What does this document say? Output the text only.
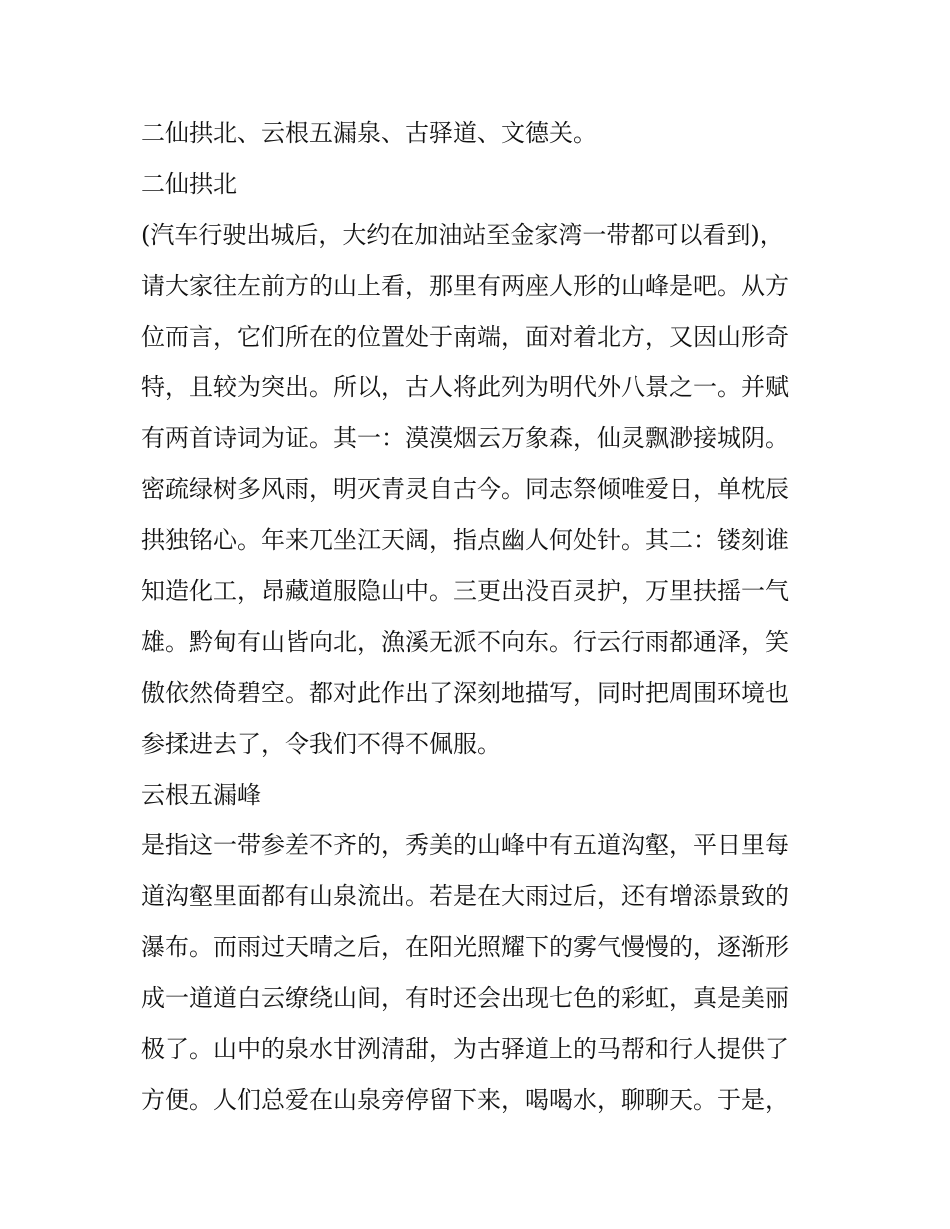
二仙拱北、云根五漏泉、古驿道、文德关。
二仙拱北
(汽车行驶出城后，大约在加油站至金家湾一带都可以看到)，
请大家往左前方的山上看，那里有两座人形的山峰是吧。从方
位而言，它们所在的位置处于南端，面对着北方，又因山形奇
特，且较为突出。所以，古人将此列为明代外八景之一。并赋
有两首诗词为证。其一：漠漠烟云万象森，仙灵飘渺接城阴。
密疏绿树多风雨，明灭青灵自古今。同志祭倾唯爱日，单枕辰
拱独铭心。年来兀坐江天阔，指点幽人何处针。其二：镂刻谁
知造化工，昂藏道服隐山中。三更出没百灵护，万里扶摇一气
雄。黔甸有山皆向北，漁溪无派不向东。行云行雨都通泽，笑
傲依然倚碧空。都对此作出了深刻地描写，同时把周围环境也
参揉进去了，令我们不得不佩服。
云根五漏峰
是指这一带参差不齐的，秀美的山峰中有五道沟壑，平日里每
道沟壑里面都有山泉流出。若是在大雨过后，还有增添景致的
瀑布。而雨过天晴之后，在阳光照耀下的雾气慢慢的，逐渐形
成一道道白云缭绕山间，有时还会出现七色的彩虹，真是美丽
极了。山中的泉水甘洌清甜，为古驿道上的马帮和行人提供了
方便。人们总爱在山泉旁停留下来，喝喝水，聊聊天。于是，
